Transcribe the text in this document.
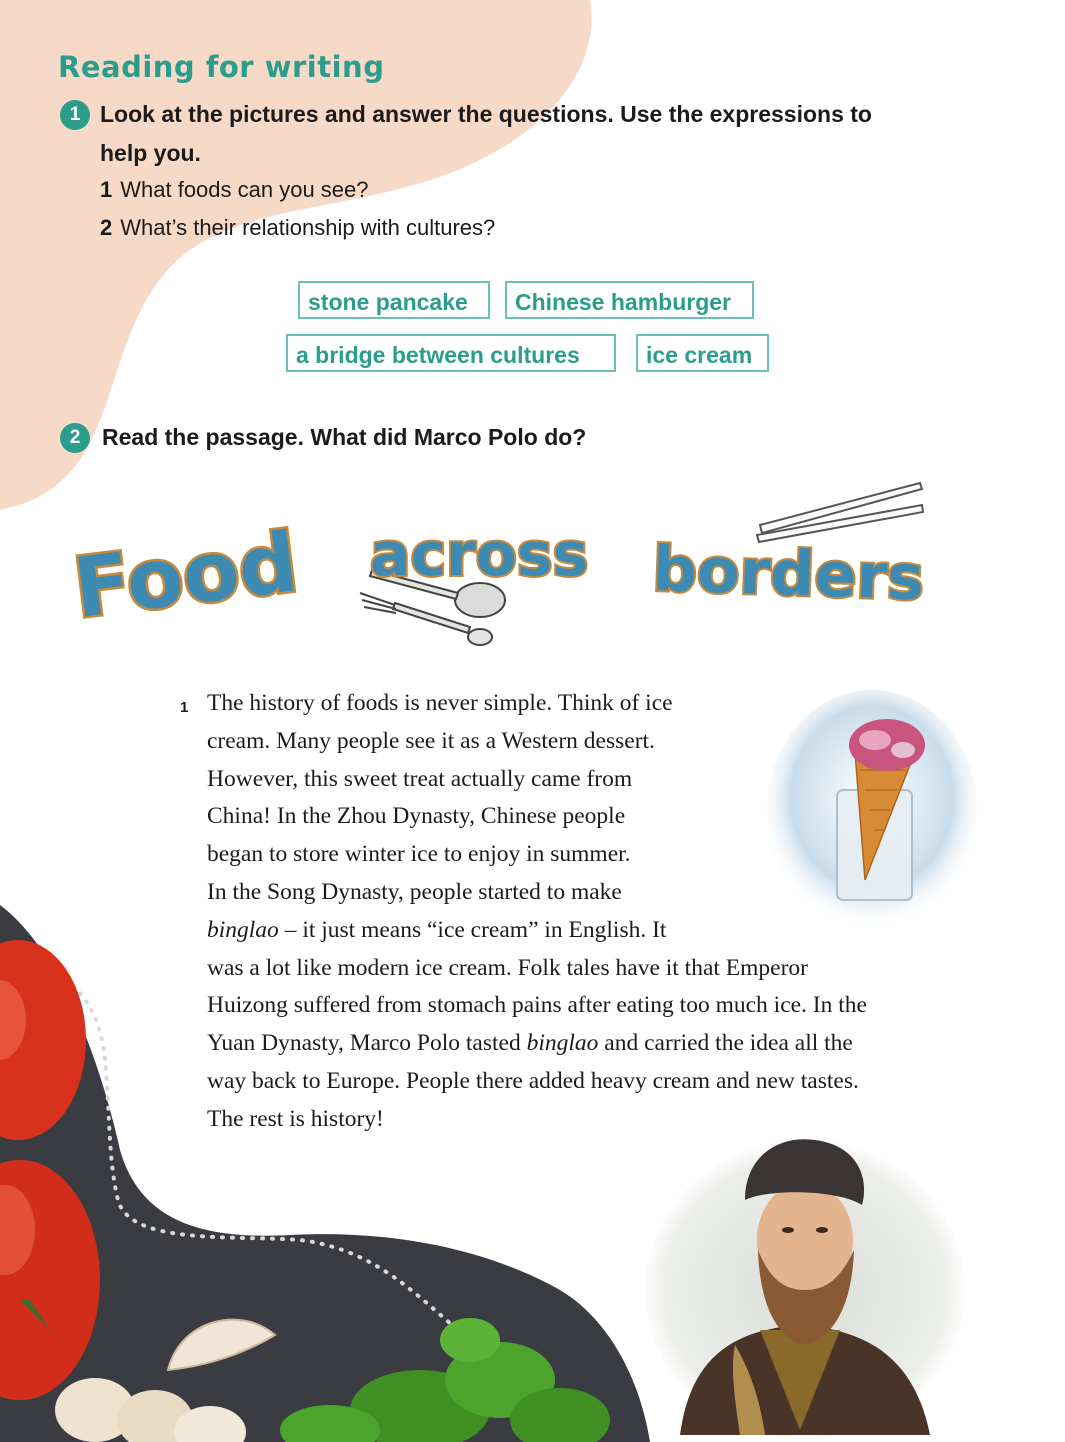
Reading for writing
1 Look at the pictures and answer the questions. Use the expressions to
help you.
1 What foods can you see?
2 What’s their relationship with cultures?
stone pancake	Chinese hamburger
a bridge between cultures	ice cream
2 Read the passage. What did Marco Polo do?
Food across borders
1 The history of foods is never simple. Think of ice
cream. Many people see it as a Western dessert.
However, this sweet treat actually came from
China! In the Zhou Dynasty, Chinese people
began to store winter ice to enjoy in summer.
In the Song Dynasty, people started to make
binglao – it just means “ice cream” in English. It
was a lot like modern ice cream. Folk tales have it that Emperor
Huizong suffered from stomach pains after eating too much ice. In the
Yuan Dynasty, Marco Polo tasted binglao and carried the idea all the
way back to Europe. People there added heavy cream and new tastes.
The rest is history!
